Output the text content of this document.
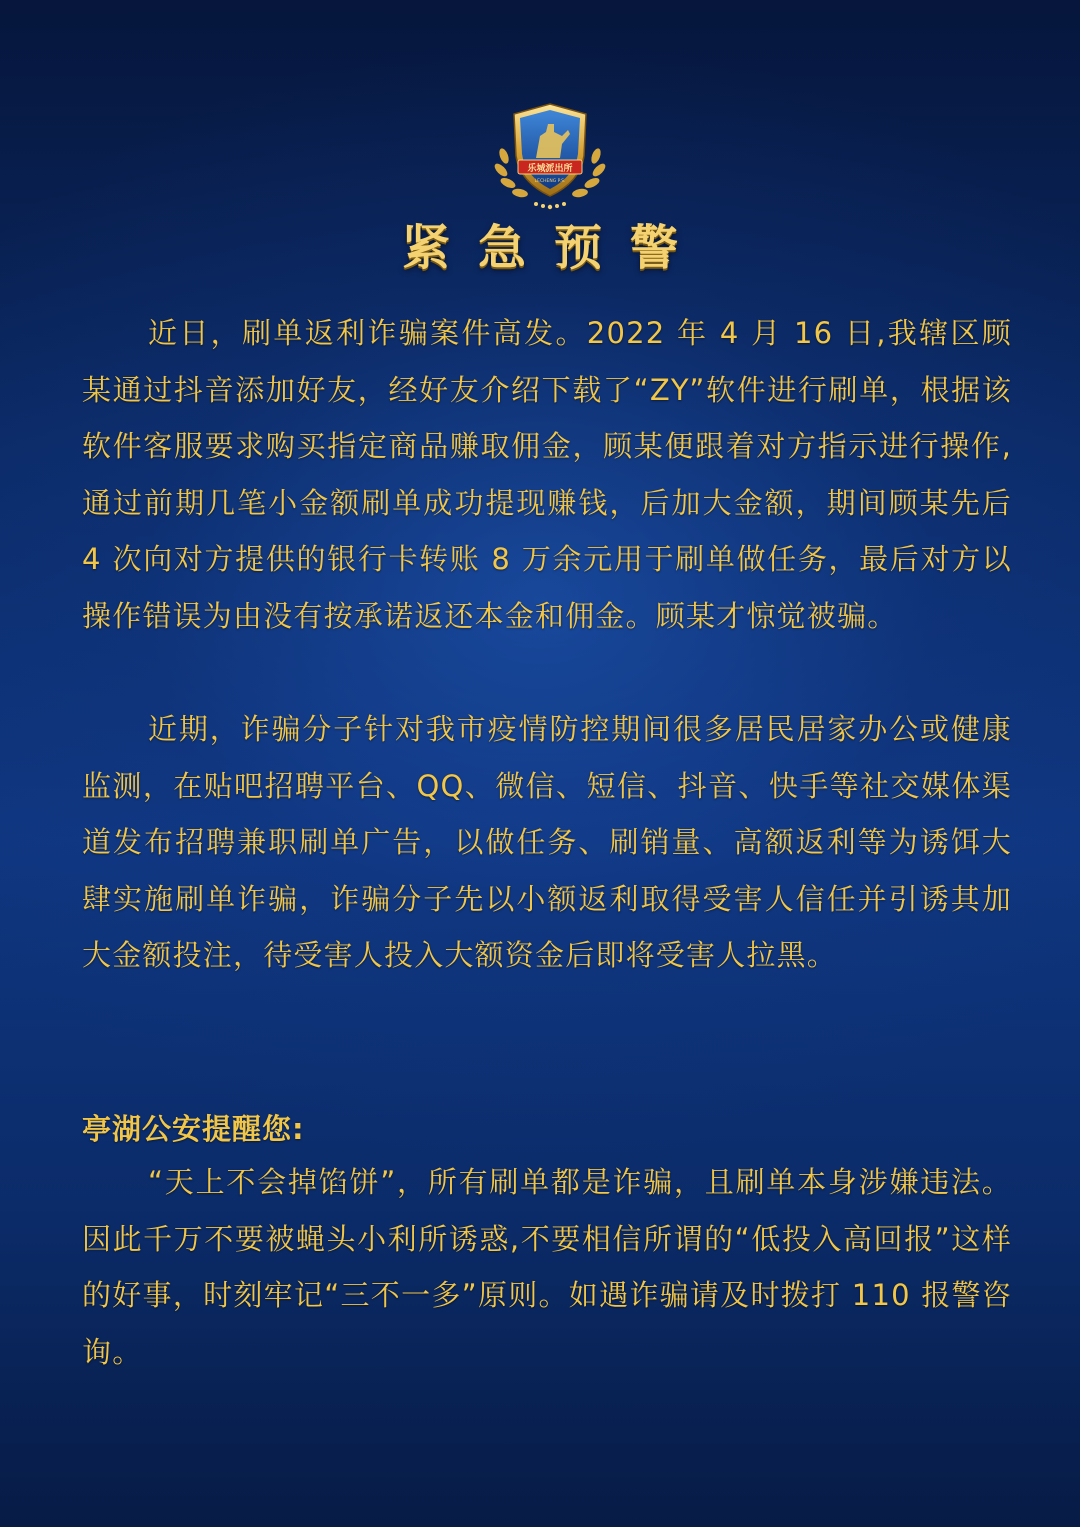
乐城派出所
LECHENG P.S.
紧急预警

近日，刷单返利诈骗案件高发。2022 年 4 月 16 日,我辖区顾某通过抖音添加好友，经好友介绍下载了“ZY”软件进行刷单，根据该软件客服要求购买指定商品赚取佣金，顾某便跟着对方指示进行操作,通过前期几笔小金额刷单成功提现赚钱，后加大金额，期间顾某先后 4 次向对方提供的银行卡转账 8 万余元用于刷单做任务，最后对方以操作错误为由没有按承诺返还本金和佣金。顾某才惊觉被骗。

近期，诈骗分子针对我市疫情防控期间很多居民居家办公或健康监测，在贴吧招聘平台、QQ、微信、短信、抖音、快手等社交媒体渠道发布招聘兼职刷单广告，以做任务、刷销量、高额返利等为诱饵大肆实施刷单诈骗，诈骗分子先以小额返利取得受害人信任并引诱其加大金额投注，待受害人投入大额资金后即将受害人拉黑。

亭湖公安提醒您:

“天上不会掉馅饼”，所有刷单都是诈骗，且刷单本身涉嫌违法。因此千万不要被蝇头小利所诱惑,不要相信所谓的“低投入高回报”这样的好事，时刻牢记“三不一多”原则。如遇诈骗请及时拨打 110 报警咨询。
